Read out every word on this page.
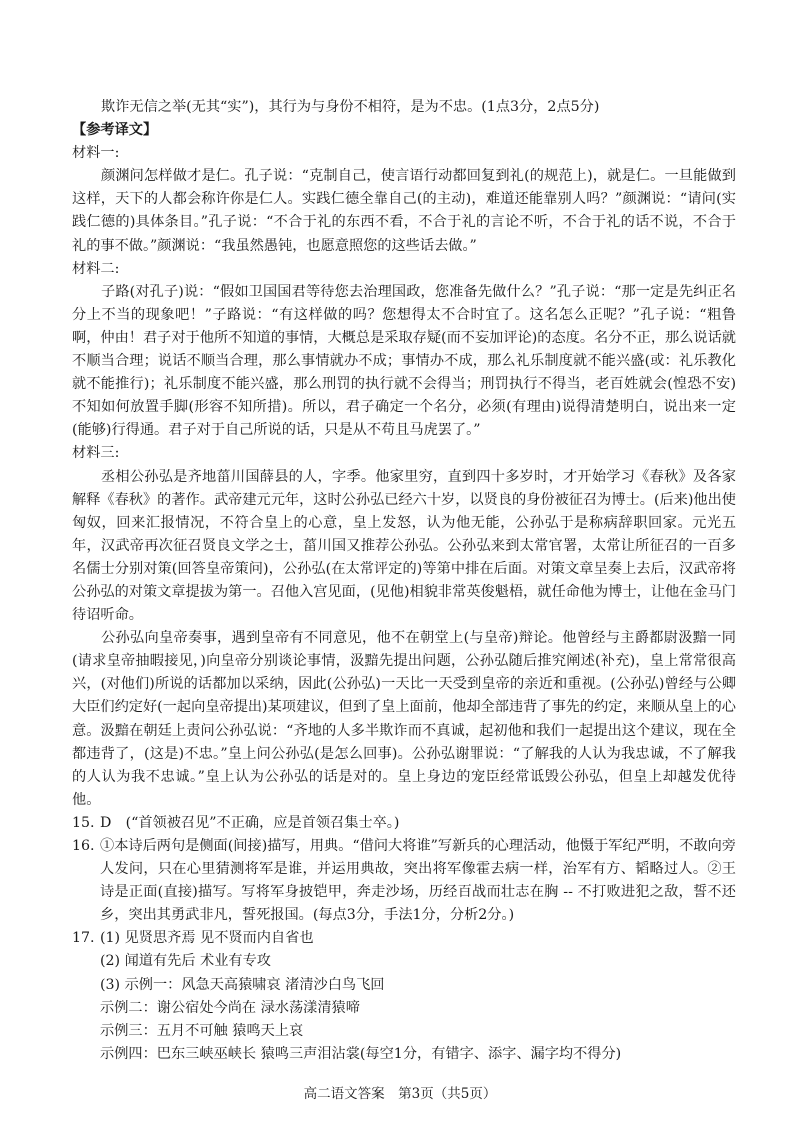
欺诈无信之举(无其“实”)，其行为与身份不相符，是为不忠。(1点3分，2点5分)

【参考译文】

材料一:

颜渊问怎样做才是仁。孔子说：“克制自己，使言语行动都回复到礼(的规范上)，就是仁。一旦能做到这样，天下的人都会称许你是仁人。实践仁德全靠自己(的主动)，难道还能靠别人吗？”颜渊说：“请问(实践仁德的)具体条目。”孔子说：“不合于礼的东西不看，不合于礼的言论不听，不合于礼的话不说，不合于礼的事不做。”颜渊说：“我虽然愚钝，也愿意照您的这些话去做。”

材料二:

子路(对孔子)说：“假如卫国国君等待您去治理国政，您准备先做什么？”孔子说：“那一定是先纠正名分上不当的现象吧！”子路说：“有这样做的吗？您想得太不合时宜了。这名怎么正呢？”孔子说：“粗鲁啊，仲由！君子对于他所不知道的事情，大概总是采取存疑(而不妄加评论)的态度。名分不正，那么说话就不顺当合理；说话不顺当合理，那么事情就办不成；事情办不成，那么礼乐制度就不能兴盛(或：礼乐教化就不能推行)；礼乐制度不能兴盛，那么刑罚的执行就不会得当；刑罚执行不得当，老百姓就会(惶恐不安)不知如何放置手脚(形容不知所措)。所以，君子确定一个名分，必须(有理由)说得清楚明白，说出来一定(能够)行得通。君子对于自己所说的话，只是从不苟且马虎罢了。”

材料三:

丞相公孙弘是齐地菑川国薛县的人，字季。他家里穷，直到四十多岁时，才开始学习《春秋》及各家解释《春秋》的著作。武帝建元元年，这时公孙弘已经六十岁，以贤良的身份被征召为博士。(后来)他出使匈奴，回来汇报情况，不符合皇上的心意，皇上发怒，认为他无能，公孙弘于是称病辞职回家。元光五年，汉武帝再次征召贤良文学之士，菑川国又推荐公孙弘。公孙弘来到太常官署，太常让所征召的一百多名儒士分别对策(回答皇帝策问)，公孙弘(在太常评定的)等第中排在后面。对策文章呈奏上去后，汉武帝将公孙弘的对策文章提拔为第一。召他入宫见面，(见他)相貌非常英俊魁梧，就任命他为博士，让他在金马门待诏听命。

公孙弘向皇帝奏事，遇到皇帝有不同意见，他不在朝堂上(与皇帝)辩论。他曾经与主爵都尉汲黯一同(请求皇帝抽暇接见，)向皇帝分别谈论事情，汲黯先提出问题，公孙弘随后推究阐述(补充)，皇上常常很高兴，(对他们)所说的话都加以采纳，因此(公孙弘)一天比一天受到皇帝的亲近和重视。(公孙弘)曾经与公卿大臣们约定好(一起向皇帝提出)某项建议，但到了皇上面前，他却全部违背了事先的约定，来顺从皇上的心意。汲黯在朝廷上责问公孙弘说：“齐地的人多半欺诈而不真诚，起初他和我们一起提出这个建议，现在全都违背了，(这是)不忠。”皇上问公孙弘(是怎么回事)。公孙弘谢罪说：“了解我的人认为我忠诚，不了解我的人认为我不忠诚。”皇上认为公孙弘的话是对的。皇上身边的宠臣经常诋毁公孙弘，但皇上却越发优待他。

15. D　(“首领被召见”不正确，应是首领召集士卒。)
16. ①本诗后两句是侧面(间接)描写，用典。“借问大将谁”写新兵的心理活动，他慑于军纪严明，不敢向旁人发问，只在心里猜测将军是谁，并运用典故，突出将军像霍去病一样，治军有方、韬略过人。②王诗是正面(直接)描写。写将军身披铠甲，奔走沙场，历经百战而壮志在胸 -- 不打败进犯之敌，誓不还乡，突出其勇武非凡，誓死报国。(每点3分，手法1分，分析2分。)
17. (1) 见贤思齐焉 见不贤而内自省也

(2) 闻道有先后 术业有专攻

(3) 示例一：风急天高猿啸哀 渚清沙白鸟飞回

示例二：谢公宿处今尚在 渌水荡漾清猿啼

示例三：五月不可触 猿鸣天上哀

示例四：巴东三峡巫峡长 猿鸣三声泪沾裳(每空1分，有错字、添字、漏字均不得分)

高二语文答案　第3页（共5页）
